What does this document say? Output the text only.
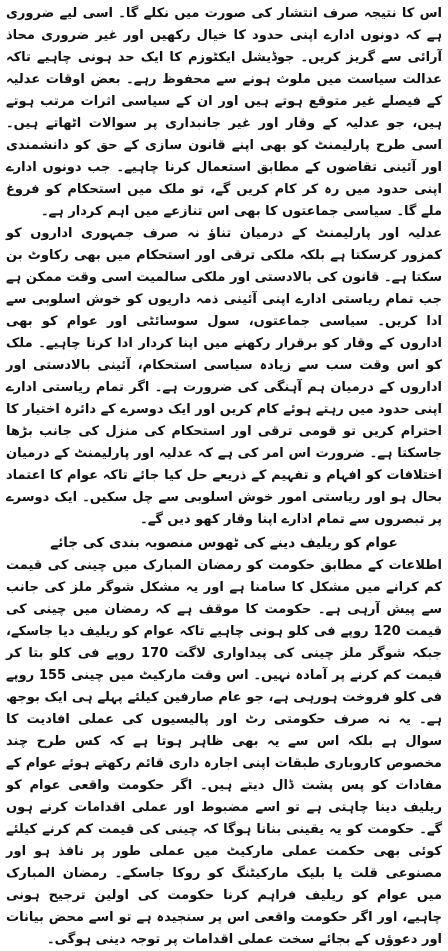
اس کا نتیجہ صرف انتشار کی صورت میں نکلے گا۔ اسی لیے ضروری ہے کہ دونوں ادارے اپنی حدود کا خیال رکھیں اور غیر ضروری محاذ آرائی سے گریز کریں۔ جوڈیشل ایکٹوزم کا ایک حد ہونی چاہیے تاکہ عدالت سیاست میں ملوث ہونے سے محفوظ رہے۔ بعض اوقات عدلیہ کے فیصلے غیر متوقع ہوتے ہیں اور ان کے سیاسی اثرات مرتب ہوتے ہیں، جو عدلیہ کے وقار اور غیر جانبداری پر سوالات اٹھاتے ہیں۔ اسی طرح پارلیمنٹ کو بھی اپنے قانون سازی کے حق کو دانشمندی اور آئینی تقاضوں کے مطابق استعمال کرنا چاہیے۔ جب دونوں ادارے اپنی حدود میں رہ کر کام کریں گے، تو ملک میں استحکام کو فروغ ملے گا۔ سیاسی جماعتوں کا بھی اس تنازعے میں اہم کردار ہے۔

عدلیہ اور پارلیمنٹ کے درمیان تناؤ نہ صرف جمہوری اداروں کو کمزور کرسکتا ہے بلکہ ملکی ترقی اور استحکام میں بھی رکاوٹ بن سکتا ہے۔ قانون کی بالادستی اور ملکی سالمیت اسی وقت ممکن ہے جب تمام ریاستی ادارے اپنی آئینی ذمہ داریوں کو خوش اسلوبی سے ادا کریں۔ سیاسی جماعتوں، سول سوسائٹی اور عوام کو بھی اداروں کے وقار کو برقرار رکھنے میں اپنا کردار ادا کرنا چاہیے۔ ملک کو اس وقت سب سے زیادہ سیاسی استحکام، آئینی بالادستی اور اداروں کے درمیان ہم آہنگی کی ضرورت ہے۔ اگر تمام ریاستی ادارے اپنی حدود میں رہتے ہوئے کام کریں اور ایک دوسرے کے دائرہ اختیار کا احترام کریں تو قومی ترقی اور استحکام کی منزل کی جانب بڑھا جاسکتا ہے۔ ضرورت اس امر کی ہے کہ عدلیہ اور پارلیمنٹ کے درمیان اختلافات کو افہام و تفہیم کے ذریعے حل کیا جائے تاکہ عوام کا اعتماد بحال ہو اور ریاستی امور خوش اسلوبی سے چل سکیں۔ ایک دوسرے پر تبصروں سے تمام ادارے اپنا وقار کھو دیں گے۔

عوام کو ریلیف دینے کی ٹھوس منصوبہ بندی کی جائے

اطلاعات کے مطابق حکومت کو رمضان المبارک میں چینی کی قیمت کم کرانے میں مشکل کا سامنا ہے اور یہ مشکل شوگر ملز کی جانب سے پیش آرہی ہے۔ حکومت کا موقف ہے کہ رمضان میں چینی کی قیمت 120 روپے فی کلو ہونی چاہیے تاکہ عوام کو ریلیف دیا جاسکے، جبکہ شوگر ملز چینی کی پیداواری لاگت 170 روپے فی کلو بتا کر قیمت کم کرنے پر آمادہ نہیں۔ اس وقت مارکیٹ میں چینی 155 روپے فی کلو فروخت ہورہی ہے، جو عام صارفین کیلئے پہلے ہی ایک بوجھ ہے۔ یہ نہ صرف حکومتی رٹ اور پالیسیوں کی عملی افادیت کا سوال ہے بلکہ اس سے یہ بھی ظاہر ہوتا ہے کہ کس طرح چند مخصوص کاروباری طبقات اپنی اجارہ داری قائم رکھتے ہوئے عوام کے مفادات کو پس پشت ڈال دیتے ہیں۔ اگر حکومت واقعی عوام کو ریلیف دینا چاہتی ہے تو اسے مضبوط اور عملی اقدامات کرنے ہوں گے۔ حکومت کو یہ یقینی بنانا ہوگا کہ چینی کی قیمت کم کرنے کیلئے کوئی بھی حکمت عملی مارکیٹ میں عملی طور پر نافذ ہو اور مصنوعی قلت یا بلیک مارکیٹنگ کو روکا جاسکے۔ رمضان المبارک میں عوام کو ریلیف فراہم کرنا حکومت کی اولین ترجیح ہونی چاہیے، اور اگر حکومت واقعی اس پر سنجیدہ ہے تو اسے محض بیانات اور دعوؤں کے بجائے سخت عملی اقدامات پر توجہ دینی ہوگی۔
